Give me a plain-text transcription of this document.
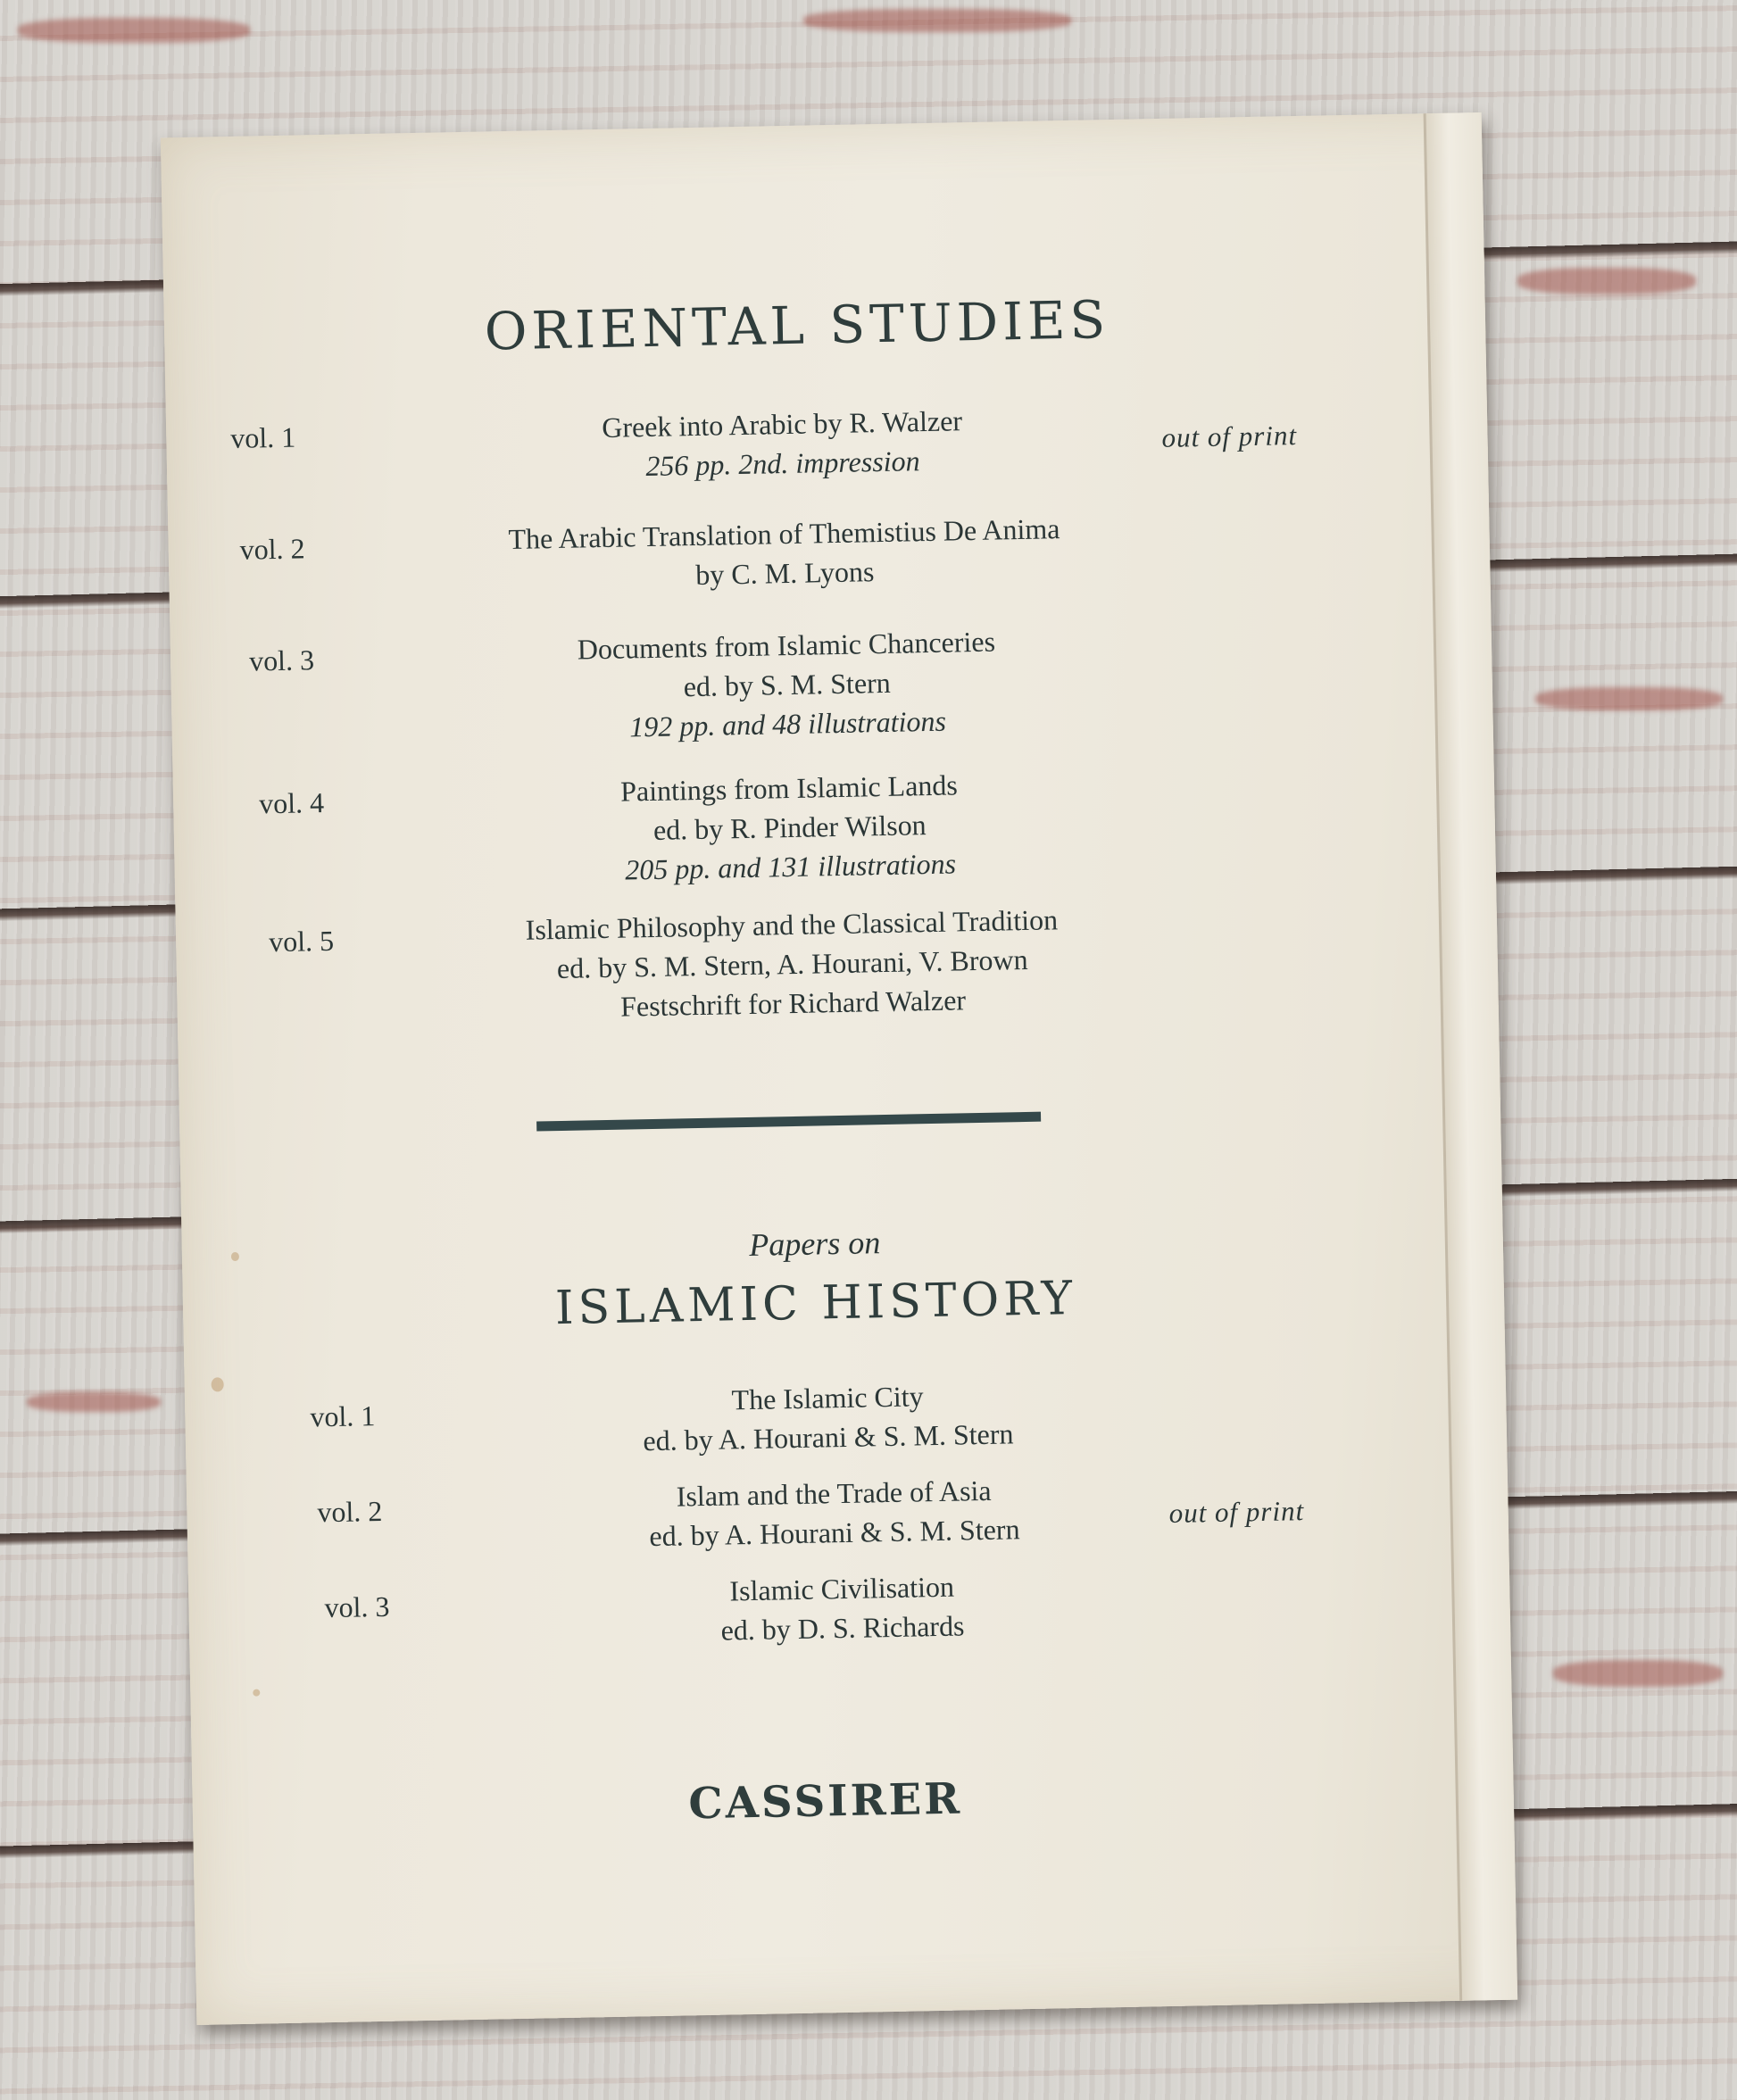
ORIENTAL STUDIES
vol. 1	Greek into Arabic by R. Walzer
256 pp. 2nd. impression
out of print
vol. 2	The Arabic Translation of Themistius De Anima
by C. M. Lyons
vol. 3	Documents from Islamic Chanceries
ed. by S. M. Stern
192 pp. and 48 illustrations
vol. 4	Paintings from Islamic Lands
ed. by R. Pinder Wilson
205 pp. and 131 illustrations
vol. 5	Islamic Philosophy and the Classical Tradition
ed. by S. M. Stern, A. Hourani, V. Brown
Festschrift for Richard Walzer
Papers on
ISLAMIC HISTORY
vol. 1
The Islamic City
ed. by A. Hourani & S. M. Stern
vol. 2	Islam and the Trade of Asia
ed. by A. Hourani & S. M. Stern
out of print
vol. 3
Islamic Civilisation
ed. by D. S. Richards
CASSIRER
